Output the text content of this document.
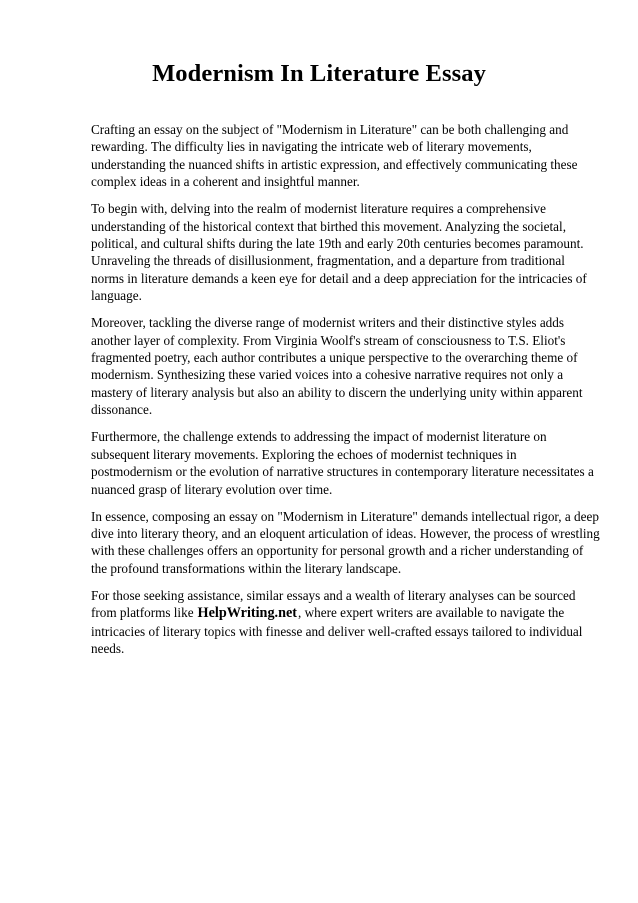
Modernism In Literature Essay

Crafting an essay on the subject of "Modernism in Literature" can be both challenging and rewarding. The difficulty lies in navigating the intricate web of literary movements, understanding the nuanced shifts in artistic expression, and effectively communicating these complex ideas in a coherent and insightful manner.

To begin with, delving into the realm of modernist literature requires a comprehensive understanding of the historical context that birthed this movement. Analyzing the societal, political, and cultural shifts during the late 19th and early 20th centuries becomes paramount. Unraveling the threads of disillusionment, fragmentation, and a departure from traditional norms in literature demands a keen eye for detail and a deep appreciation for the intricacies of language.

Moreover, tackling the diverse range of modernist writers and their distinctive styles adds another layer of complexity. From Virginia Woolf's stream of consciousness to T.S. Eliot's fragmented poetry, each author contributes a unique perspective to the overarching theme of modernism. Synthesizing these varied voices into a cohesive narrative requires not only a mastery of literary analysis but also an ability to discern the underlying unity within apparent dissonance.

Furthermore, the challenge extends to addressing the impact of modernist literature on subsequent literary movements. Exploring the echoes of modernist techniques in postmodernism or the evolution of narrative structures in contemporary literature necessitates a nuanced grasp of literary evolution over time.

In essence, composing an essay on "Modernism in Literature" demands intellectual rigor, a deep dive into literary theory, and an eloquent articulation of ideas. However, the process of wrestling with these challenges offers an opportunity for personal growth and a richer understanding of the profound transformations within the literary landscape.

For those seeking assistance, similar essays and a wealth of literary analyses can be sourced from platforms like HelpWriting.net, where expert writers are available to navigate the intricacies of literary topics with finesse and deliver well-crafted essays tailored to individual needs.
